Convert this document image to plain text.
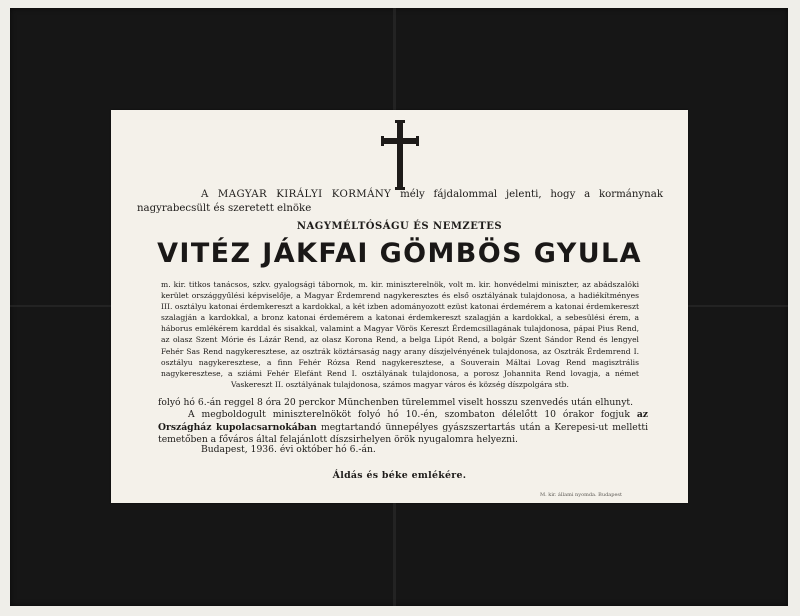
A MAGYAR KIRÁLYI KORMÁNY mély fájdalommal jelenti, hogy a kormánynak nagyrabecsült és szeretett elnöke
NAGYMÉLTÓSÁGU ÉS NEMZETES
VITÉZ JÁKFAI GÖMBÖS GYULA
m. kir. titkos tanácsos, szkv. gyalogsági tábornok, m. kir. miniszterelnök, volt m. kir. honvédelmi miniszter, az abádszalóki kerület országgyűlési képviselője, a Magyar Érdemrend nagykeresztes és első osztályának tulajdonosa, a hadiékítményes III. osztályu katonai érdemkereszt a kardokkal, a két izben adományozott ezüst katonai érdemérem a katonai érdemkereszt szalagján a kardokkal, a bronz katonai érdemérem a katonai érdemkereszt szalagján a kardokkal, a sebesülési érem, a háborus emlékérem karddal és sisakkal, valamint a Magyar Vörös Kereszt Érdemcsillagának tulajdonosa, pápai Pius Rend, az olasz Szent Mórie és Lázár Rend, az olasz Korona Rend, a belga Lipót Rend, a bolgár Szent Sándor Rend és lengyel Fehér Sas Rend nagykeresztese, az osztrák köztársaság nagy arany díszjelvényének tulajdonosa, az Osztrák Érdemrend I. osztályu nagykeresztese, a finn Fehér Rózsa Rend nagykeresztese, a Souverain Máltai Lovag Rend magisztrális nagykeresztese, a sziámi Fehér Elefánt Rend I. osztályának tulajdonosa, a porosz Johannita Rend lovagja, a német Vaskereszt II. osztályának tulajdonosa, számos magyar város és község díszpolgára stb.
folyó hó 6.-án reggel 8 óra 20 perckor Münchenben türelemmel viselt hosszu szenvedés után elhunyt.
A megboldogult miniszterelnököt folyó hó 10.-én, szombaton délelőtt 10 órakor fogjuk az Országház kupolacsarnokában megtartandó ünnepélyes gyászszertartás után a Kerepesi-ut melletti temetőben a főváros által felajánlott díszsirhelyen örök nyugalomra helyezni.
Budapest, 1936. évi október hó 6.-án.
Áldás és béke emlékére.
M. kir. állami nyomda. Budapest
